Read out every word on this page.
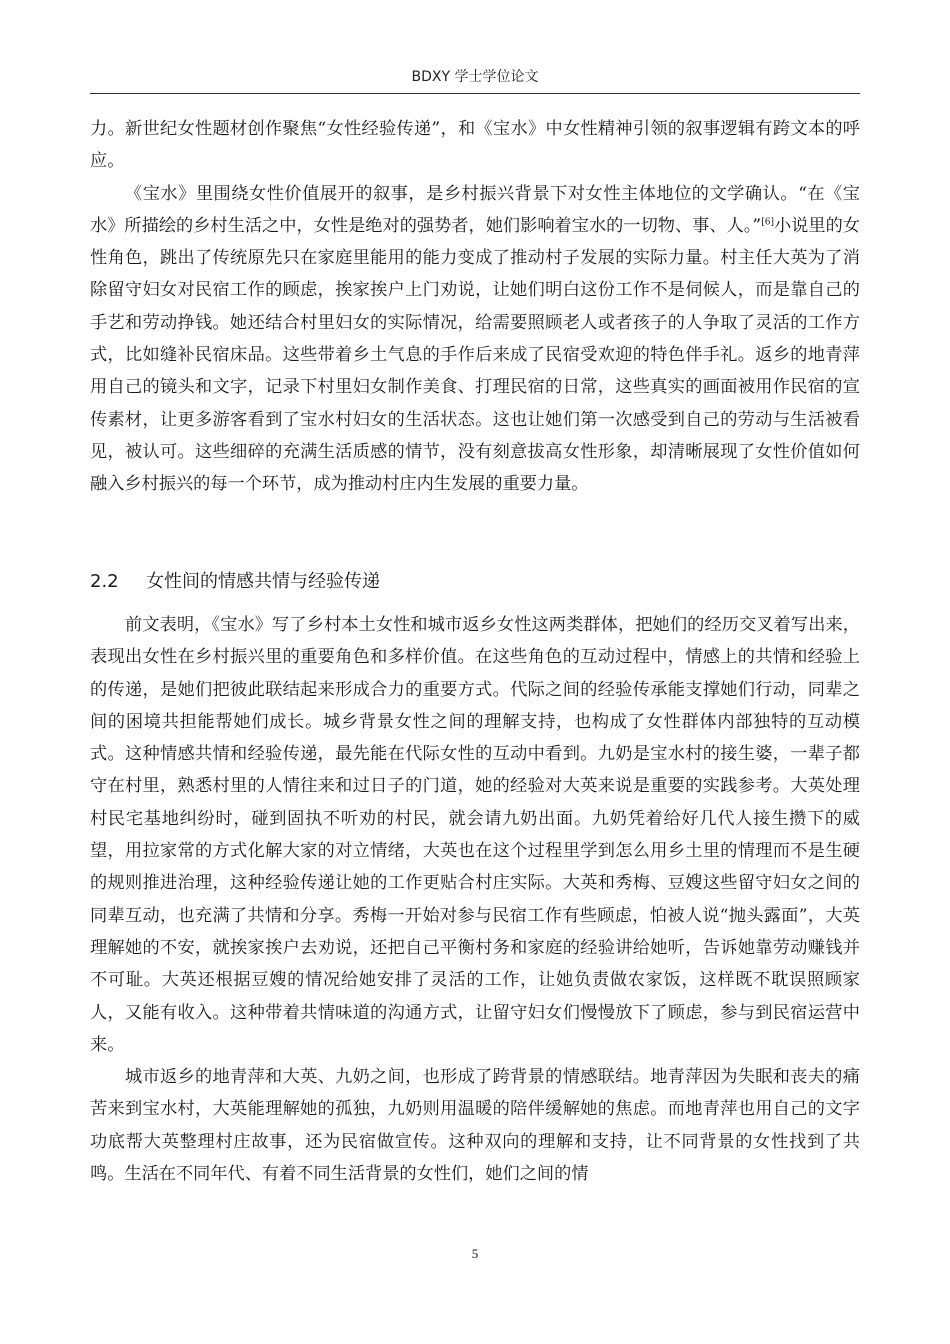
BDXY 学士学位论文

力。新世纪女性题材创作聚焦“女性经验传递”，和《宝水》中女性精神引领的叙事逻辑有跨文本的呼应。

《宝水》里围绕女性价值展开的叙事，是乡村振兴背景下对女性主体地位的文学确认。“在《宝水》所描绘的乡村生活之中，女性是绝对的强势者，她们影响着宝水的一切物、事、人。”[6]小说里的女性角色，跳出了传统原先只在家庭里能用的能力变成了推动村子发展的实际力量。村主任大英为了消除留守妇女对民宿工作的顾虑，挨家挨户上门劝说，让她们明白这份工作不是伺候人，而是靠自己的手艺和劳动挣钱。她还结合村里妇女的实际情况，给需要照顾老人或者孩子的人争取了灵活的工作方式，比如缝补民宿床品。这些带着乡土气息的手作后来成了民宿受欢迎的特色伴手礼。返乡的地青萍用自己的镜头和文字，记录下村里妇女制作美食、打理民宿的日常，这些真实的画面被用作民宿的宣传素材，让更多游客看到了宝水村妇女的生活状态。这也让她们第一次感受到自己的劳动与生活被看见，被认可。这些细碎的充满生活质感的情节，没有刻意拔高女性形象，却清晰展现了女性价值如何融入乡村振兴的每一个环节，成为推动村庄内生发展的重要力量。

2.2 女性间的情感共情与经验传递

前文表明，《宝水》写了乡村本土女性和城市返乡女性这两类群体，把她们的经历交叉着写出来，表现出女性在乡村振兴里的重要角色和多样价值。在这些角色的互动过程中，情感上的共情和经验上的传递，是她们把彼此联结起来形成合力的重要方式。代际之间的经验传承能支撑她们行动，同辈之间的困境共担能帮她们成长。城乡背景女性之间的理解支持，也构成了女性群体内部独特的互动模式。这种情感共情和经验传递，最先能在代际女性的互动中看到。九奶是宝水村的接生婆，一辈子都守在村里，熟悉村里的人情往来和过日子的门道，她的经验对大英来说是重要的实践参考。大英处理村民宅基地纠纷时，碰到固执不听劝的村民，就会请九奶出面。九奶凭着给好几代人接生攒下的威望，用拉家常的方式化解大家的对立情绪，大英也在这个过程里学到怎么用乡土里的情理而不是生硬的规则推进治理，这种经验传递让她的工作更贴合村庄实际。大英和秀梅、豆嫂这些留守妇女之间的同辈互动，也充满了共情和分享。秀梅一开始对参与民宿工作有些顾虑，怕被人说“抛头露面”，大英理解她的不安，就挨家挨户去劝说，还把自己平衡村务和家庭的经验讲给她听，告诉她靠劳动赚钱并不可耻。大英还根据豆嫂的情况给她安排了灵活的工作，让她负责做农家饭，这样既不耽误照顾家人，又能有收入。这种带着共情味道的沟通方式，让留守妇女们慢慢放下了顾虑，参与到民宿运营中来。

城市返乡的地青萍和大英、九奶之间，也形成了跨背景的情感联结。地青萍因为失眠和丧夫的痛苦来到宝水村，大英能理解她的孤独，九奶则用温暖的陪伴缓解她的焦虑。而地青萍也用自己的文字功底帮大英整理村庄故事，还为民宿做宣传。这种双向的理解和支持，让不同背景的女性找到了共鸣。生活在不同年代、有着不同生活背景的女性们，她们之间的情

5
